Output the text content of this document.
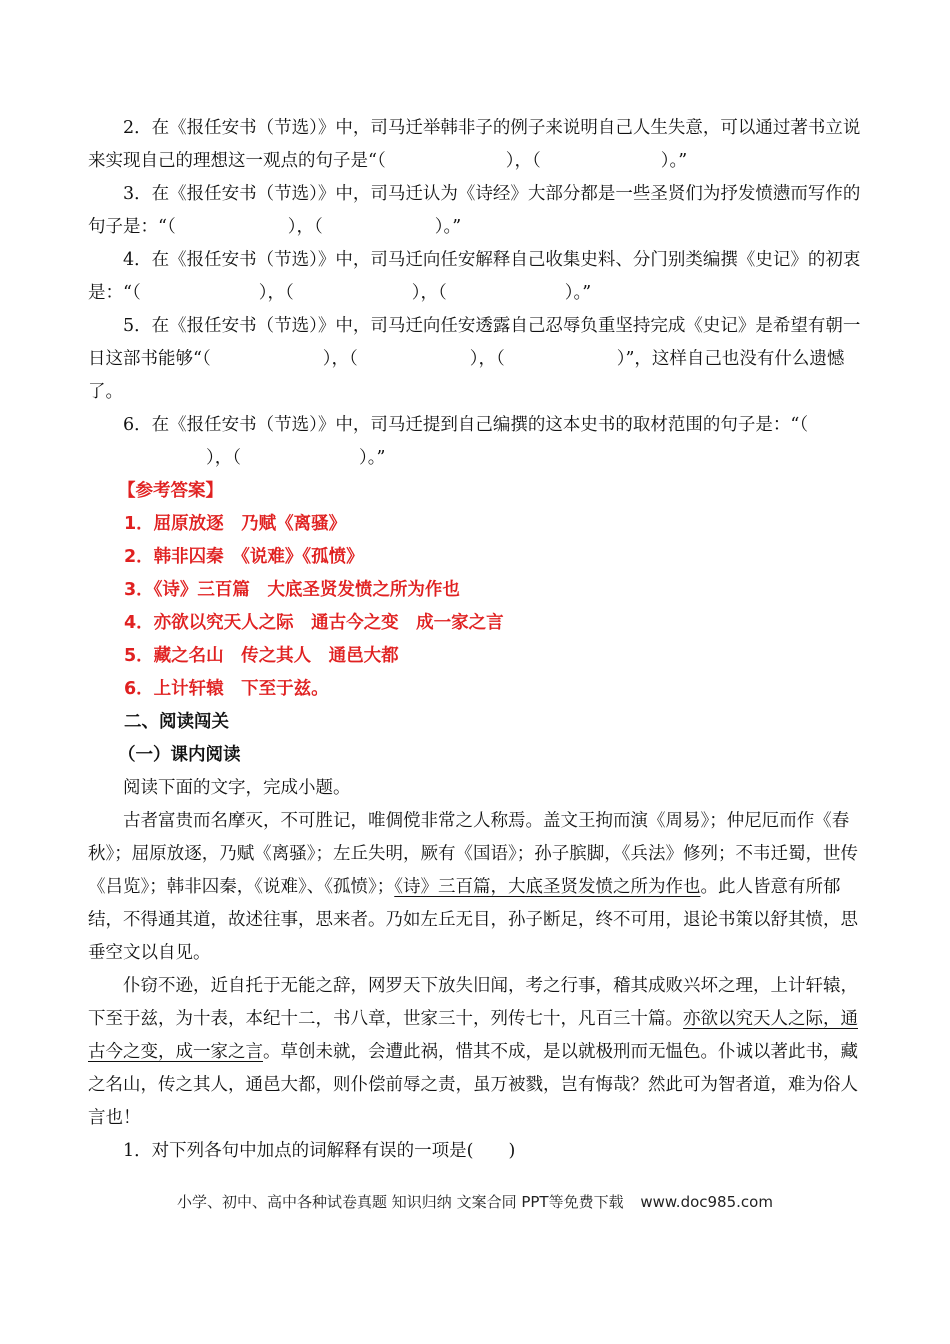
2．在《报任安书（节选）》中，司马迁举韩非子的例子来说明自己人生失意，可以通过著书立说来实现自己的理想这一观点的句子是“（	），（	）。”

3．在《报任安书（节选）》中，司马迁认为《诗经》大部分都是一些圣贤们为抒发愤懑而写作的句子是：“（	），（	）。”

4．在《报任安书（节选）》中，司马迁向任安解释自己收集史料、分门别类编撰《史记》的初衷是：“（	），（	），（	）。”

5．在《报任安书（节选）》中，司马迁向任安透露自己忍辱负重坚持完成《史记》是希望有朝一日这部书能够“（	），（	），（	）”，这样自己也没有什么遗憾了。

6．在《报任安书（节选）》中，司马迁提到自己编撰的这本史书的取材范围的句子是：“（），（	）。”

【参考答案】

1．屈原放逐　乃赋《离骚》

2．韩非囚秦　《说难》《孤愤》

3．《诗》三百篇　大底圣贤发愤之所为作也

4．亦欲以究天人之际　通古今之变　成一家之言

5．藏之名山　传之其人　通邑大都

6．上计轩辕　下至于兹。

二、阅读闯关

（一）课内阅读

阅读下面的文字，完成小题。

古者富贵而名摩灭，不可胜记，唯倜傥非常之人称焉。盖文王拘而演《周易》；仲尼厄而作《春秋》；屈原放逐，乃赋《离骚》；左丘失明，厥有《国语》；孙子膑脚，《兵法》修列；不韦迁蜀，世传《吕览》；韩非囚秦，《说难》、《孤愤》；《诗》三百篇，大底圣贤发愤之所为作也。此人皆意有所郁结，不得通其道，故述往事，思来者。乃如左丘无目，孙子断足，终不可用，退论书策以舒其愤，思垂空文以自见。

仆窃不逊，近自托于无能之辞，网罗天下放失旧闻，考之行事，稽其成败兴坏之理，上计轩辕，下至于兹，为十表，本纪十二，书八章，世家三十，列传七十，凡百三十篇。亦欲以究天人之际，通古今之变，成一家之言。草创未就，会遭此祸，惜其不成，是以就极刑而无愠色。仆诚以著此书，藏之名山，传之其人，通邑大都，则仆偿前辱之责，虽万被戮，岂有悔哉？然此可为智者道，难为俗人言也！

1．对下列各句中加点的词解释有误的一项是(　　)

小学、初中、高中各种试卷真题 知识归纳 文案合同 PPT等免费下载 www.doc985.com
